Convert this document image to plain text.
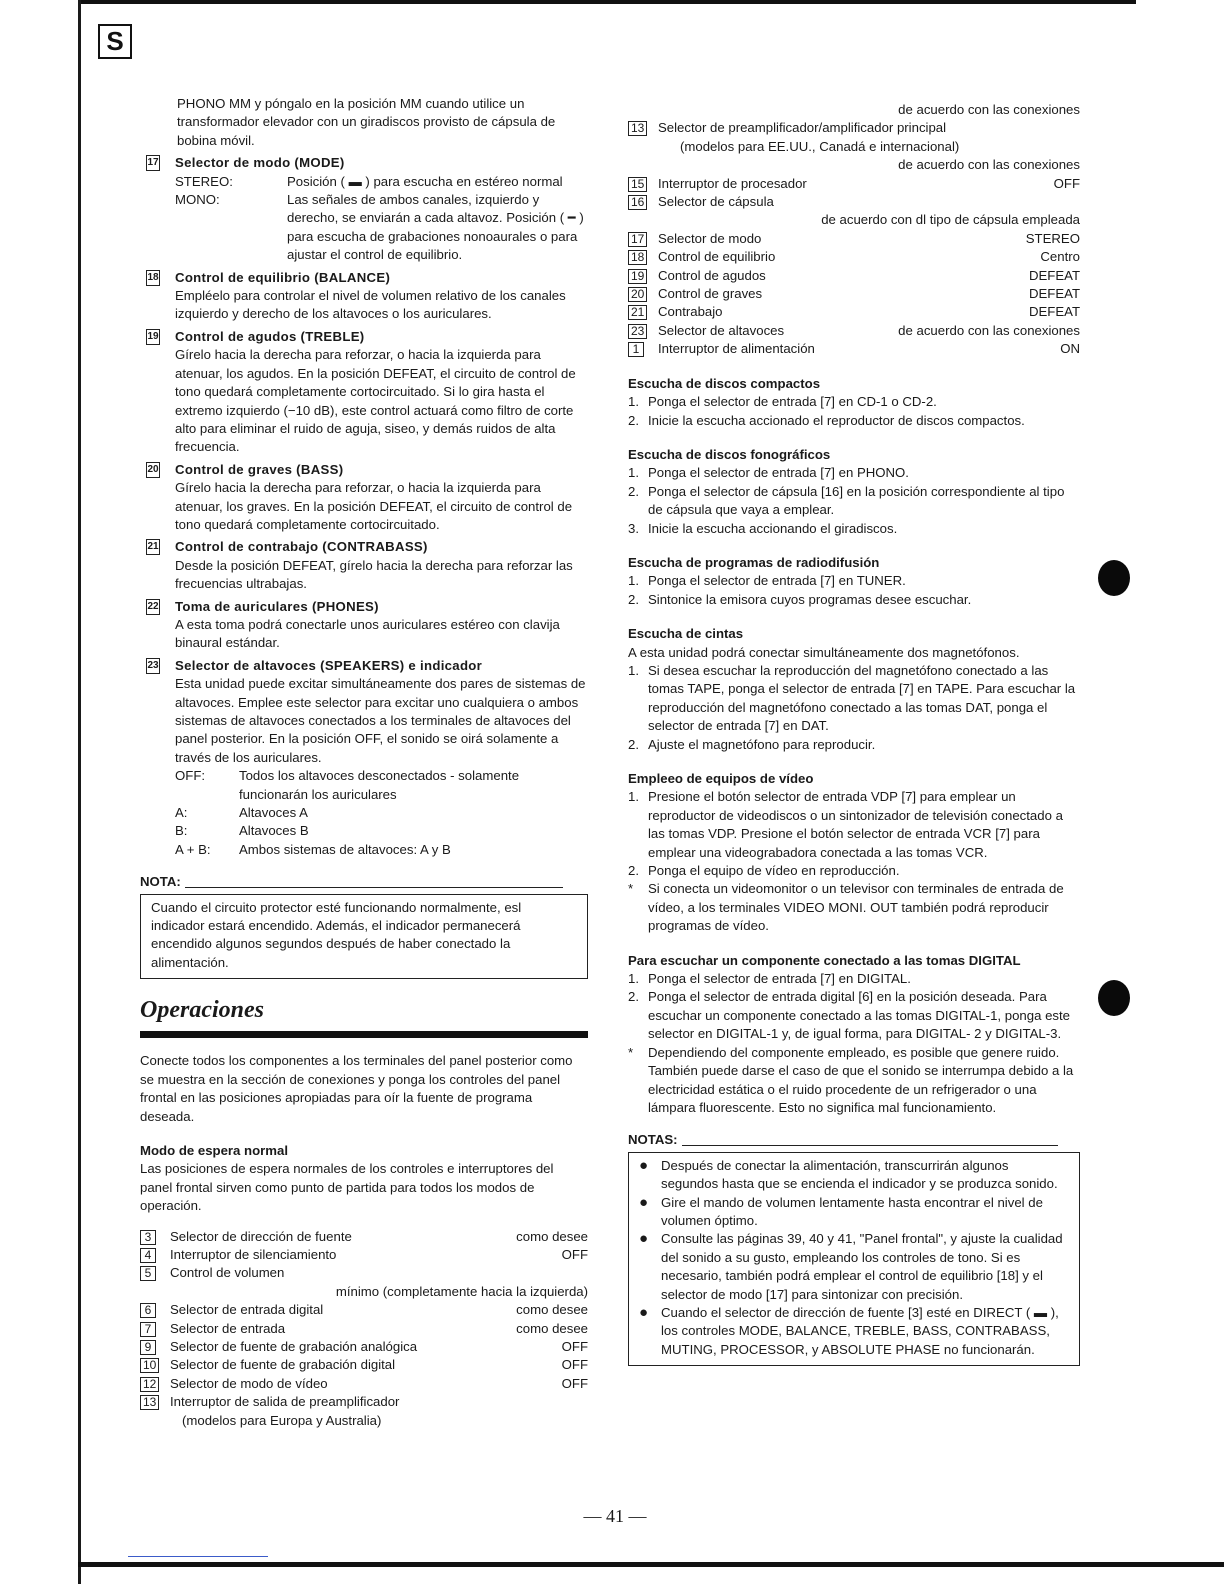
S

PHONO MM y póngalo en la posición MM cuando utilice un transformador elevador con un giradiscos provisto de cápsula de bobina móvil.

17 Selector de modo (MODE)

STEREO:	Posición ( ▬ ) para escucha en estéreo normal
MONO:	Las señales de ambos canales, izquierdo y derecho, se enviarán a cada altavoz. Posición ( ━ ) para escucha de grabaciones nonoaurales o para ajustar el control de equilibrio.
18 Control de equilibrio (BALANCE)

Empléelo para controlar el nivel de volumen relativo de los canales izquierdo y derecho de los altavoces o los auriculares.

19 Control de agudos (TREBLE)

Gírelo hacia la derecha para reforzar, o hacia la izquierda para atenuar, los agudos. En la posición DEFEAT, el circuito de control de tono quedará completamente cortocircuitado. Si lo gira hasta el extremo izquierdo (−10 dB), este control actuará como filtro de corte alto para eliminar el ruido de aguja, siseo, y demás ruidos de alta frecuencia.

20 Control de graves (BASS)

Gírelo hacia la derecha para reforzar, o hacia la izquierda para atenuar, los graves. En la posición DEFEAT, el circuito de control de tono quedará completamente cortocircuitado.

21 Control de contrabajo (CONTRABASS)

Desde la posición DEFEAT, gírelo hacia la derecha para reforzar las frecuencias ultrabajas.

22 Toma de auriculares (PHONES)

A esta toma podrá conectarle unos auriculares estéreo con clavija binaural estándar.

23 Selector de altavoces (SPEAKERS) e indicador

Esta unidad puede excitar simultáneamente dos pares de sistemas de altavoces. Emplee este selector para excitar uno cualquiera o ambos sistemas de altavoces conectados a los terminales de altavoces del panel posterior. En la posición OFF, el sonido se oirá solamente a través de los auriculares.

OFF:	Todos los altavoces desconectados - solamente funcionarán los auriculares
A:	Altavoces A
B:	Altavoces B
A + B:	Ambos sistemas de altavoces: A y B

NOTA:

Cuando el circuito protector esté funcionando normalmente, esl indicador estará encendido. Además, el indicador permanecerá encendido algunos segundos después de haber conectado la alimentación.

Operaciones

Conecte todos los componentes a los terminales del panel posterior como se muestra en la sección de conexiones y ponga los controles del panel frontal en las posiciones apropiadas para oír la fuente de programa deseada.

Modo de espera normal

Las posiciones de espera normales de los controles e interruptores del panel frontal sirven como punto de partida para todos los modos de operación.

3	Selector de dirección de fuente	como desee
4	Interruptor de silenciamiento	OFF
5	Control de volumen
mínimo (completamente hacia la izquierda)
6	Selector de entrada digital	como desee
7	Selector de entrada	como desee
9	Selector de fuente de grabación analógica	OFF
10	Selector de fuente de grabación digital	OFF
12	Selector de modo de vídeo	OFF
13	Interruptor de salida de preamplificador
(modelos para Europa y Australia)
de acuerdo con las conexiones
13	Selector de preamplificador/amplificador principal
(modelos para EE.UU., Canadá e internacional)
de acuerdo con las conexiones
15	Interruptor de procesador	OFF
16	Selector de cápsula
de acuerdo con dl tipo de cápsula empleada
17	Selector de modo	STEREO
18	Control de equilibrio	Centro
19	Control de agudos	DEFEAT
20	Control de graves	DEFEAT
21	Contrabajo	DEFEAT
23	Selector de altavoces	de acuerdo con las conexiones
1	Interruptor de alimentación	ON

Escucha de discos compactos

1. Ponga el selector de entrada [7] en CD-1 o CD-2.
2. Inicie la escucha accionado el reproductor de discos compactos.

Escucha de discos fonográficos

1. Ponga el selector de entrada [7] en PHONO.
2. Ponga el selector de cápsula [16] en la posición correspondiente al tipo de cápsula que vaya a emplear.
3. Inicie la escucha accionando el giradiscos.

Escucha de programas de radiodifusión

1. Ponga el selector de entrada [7] en TUNER.
2. Sintonice la emisora cuyos programas desee escuchar.

Escucha de cintas

A esta unidad podrá conectar simultáneamente dos magnetófonos.

1. Si desea escuchar la reproducción del magnetófono conectado a las tomas TAPE, ponga el selector de entrada [7] en TAPE. Para escuchar la reproducción del magnetófono conectado a las tomas DAT, ponga el selector de entrada [7] en DAT.
2. Ajuste el magnetófono para reproducir.

Empleeo de equipos de vídeo

1. Presione el botón selector de entrada VDP [7] para emplear un reproductor de videodiscos o un sintonizador de televisión conectado a las tomas VDP. Presione el botón selector de entrada VCR [7] para emplear una videograbadora conectada a las tomas VCR.
2. Ponga el equipo de vídeo en reproducción.
*	Si conecta un videomonitor o un televisor con terminales de entrada de vídeo, a los terminales VIDEO MONI. OUT también podrá reproducir programas de vídeo.

Para escuchar un componente conectado a las tomas DIGITAL

1. Ponga el selector de entrada [7] en DIGITAL.
2. Ponga el selector de entrada digital [6] en la posición deseada. Para escuchar un componente conectado a las tomas DIGITAL-1, ponga este selector en DIGITAL-1 y, de igual forma, para DIGITAL- 2 y DIGITAL-3.
*	Dependiendo del componente empleado, es posible que genere ruido. También puede darse el caso de que el sonido se interrumpa debido a la electricidad estática o el ruido procedente de un refrigerador o una lámpara fluorescente. Esto no significa mal funcionamiento.

NOTAS:

● Después de conectar la alimentación, transcurrirán algunos segundos hasta que se encienda el indicador y se produzca sonido.
● Gire el mando de volumen lentamente hasta encontrar el nivel de volumen óptimo.
● Consulte las páginas 39, 40 y 41, "Panel frontal", y ajuste la cualidad del sonido a su gusto, empleando los controles de tono. Si es necesario, también podrá emplear el control de equilibrio [18] y el selector de modo [17] para sintonizar con precisión.
● Cuando el selector de dirección de fuente [3] esté en DIRECT ( ▬ ), los controles MODE, BALANCE, TREBLE, BASS, CONTRABASS, MUTING, PROCESSOR, y ABSOLUTE PHASE no funcionarán.
— 41 —
